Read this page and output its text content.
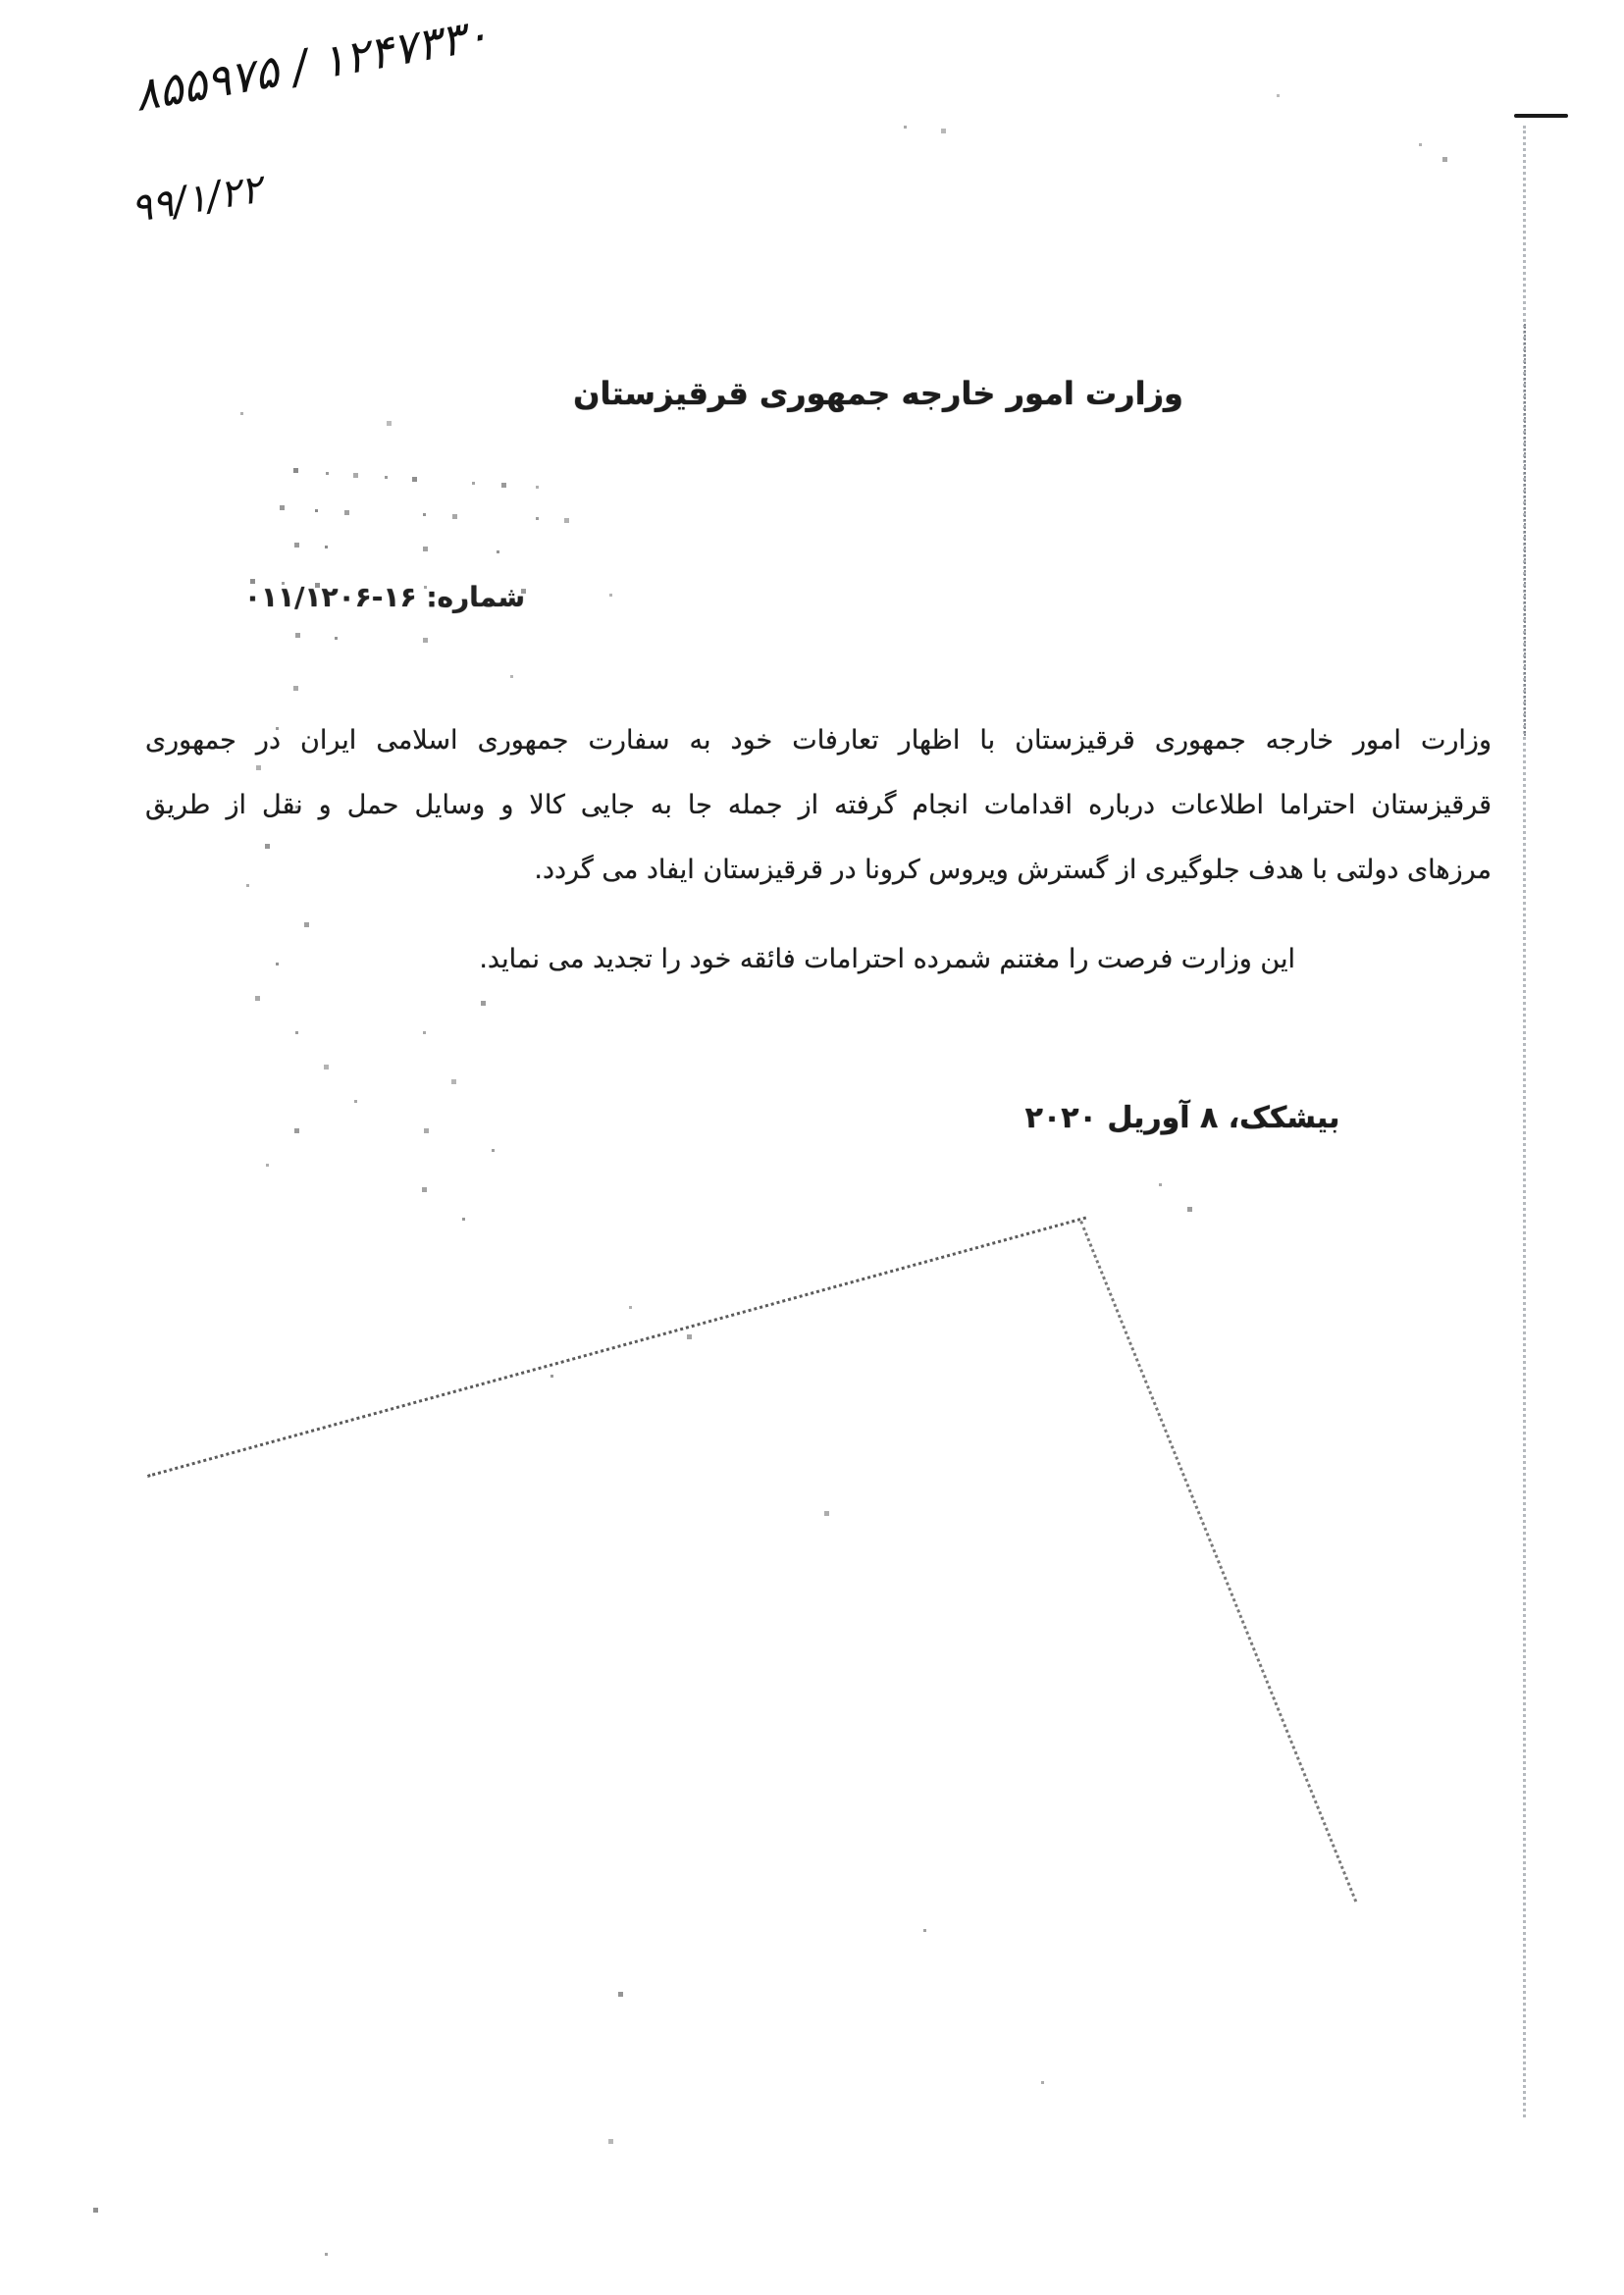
۱۲۴۷۳۳۰ / ۸۵۵۹۷۵
۹۹/۱/۲۲
وزارت امور خارجه جمهوری قرقیزستان
شماره: ۱۶-۰۱۱/۱۲۰۶
وزارت امور خارجه جمهوری قرقیزستان با اظهار تعارفات خود به سفارت جمهوری اسلامی ایران در جمهوری
قرقیزستان احتراما اطلاعات درباره اقدامات انجام گرفته از جمله جا به جایی کالا و وسایل حمل و نقل از طریق
مرزهای دولتی با هدف جلوگیری از گسترش ویروس کرونا در قرقیزستان ایفاد می گردد.
این وزارت فرصت را مغتنم شمرده احترامات فائقه خود را تجدید می نماید.
بیشکک، ۸ آوریل ۲۰۲۰
